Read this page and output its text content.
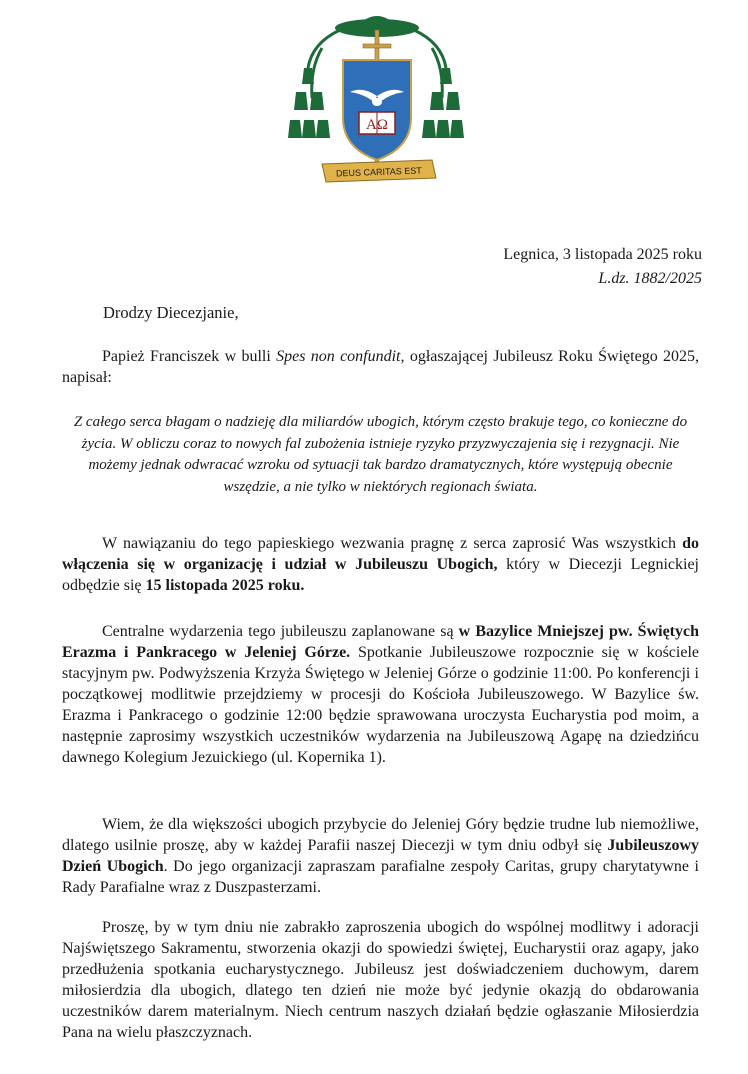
AΩ
DEUS CARITAS EST
Legnica, 3 listopada 2025 roku
L.dz. 1882/2025
Drodzy Diecezjanie,
Papież Franciszek w bulli Spes non confundit, ogłaszającej Jubileusz Roku Świętego 2025, napisał:
Z całego serca błagam o nadzieję dla miliardów ubogich, którym często brakuje tego, co konieczne do życia. W obliczu coraz to nowych fal zubożenia istnieje ryzyko przyzwyczajenia się i rezygnacji. Nie możemy jednak odwracać wzroku od sytuacji tak bardzo dramatycznych, które występują obecnie wszędzie, a nie tylko w niektórych regionach świata.
W nawiązaniu do tego papieskiego wezwania pragnę z serca zaprosić Was wszystkich do włączenia się w organizację i udział w Jubileuszu Ubogich, który w Diecezji Legnickiej odbędzie się 15 listopada 2025 roku.
Centralne wydarzenia tego jubileuszu zaplanowane są w Bazylice Mniejszej pw. Świętych Erazma i Pankracego w Jeleniej Górze. Spotkanie Jubileuszowe rozpocznie się w kościele stacyjnym pw. Podwyższenia Krzyża Świętego w Jeleniej Górze o godzinie 11:00. Po konferencji i początkowej modlitwie przejdziemy w procesji do Kościoła Jubileuszowego. W Bazylice św. Erazma i Pankracego o godzinie 12:00 będzie sprawowana uroczysta Eucharystia pod moim, a następnie zaprosimy wszystkich uczestników wydarzenia na Jubileuszową Agapę na dziedzińcu dawnego Kolegium Jezuickiego (ul. Kopernika 1).
Wiem, że dla większości ubogich przybycie do Jeleniej Góry będzie trudne lub niemożliwe, dlatego usilnie proszę, aby w każdej Parafii naszej Diecezji w tym dniu odbył się Jubileuszowy Dzień Ubogich. Do jego organizacji zapraszam parafialne zespoły Caritas, grupy charytatywne i Rady Parafialne wraz z Duszpasterzami.
Proszę, by w tym dniu nie zabrakło zaproszenia ubogich do wspólnej modlitwy i adoracji Najświętszego Sakramentu, stworzenia okazji do spowiedzi świętej, Eucharystii oraz agapy, jako przedłużenia spotkania eucharystycznego. Jubileusz jest doświadczeniem duchowym, darem miłosierdzia dla ubogich, dlatego ten dzień nie może być jedynie okazją do obdarowania uczestników darem materialnym. Niech centrum naszych działań będzie ogłaszanie Miłosierdzia Pana na wielu płaszczyznach.
